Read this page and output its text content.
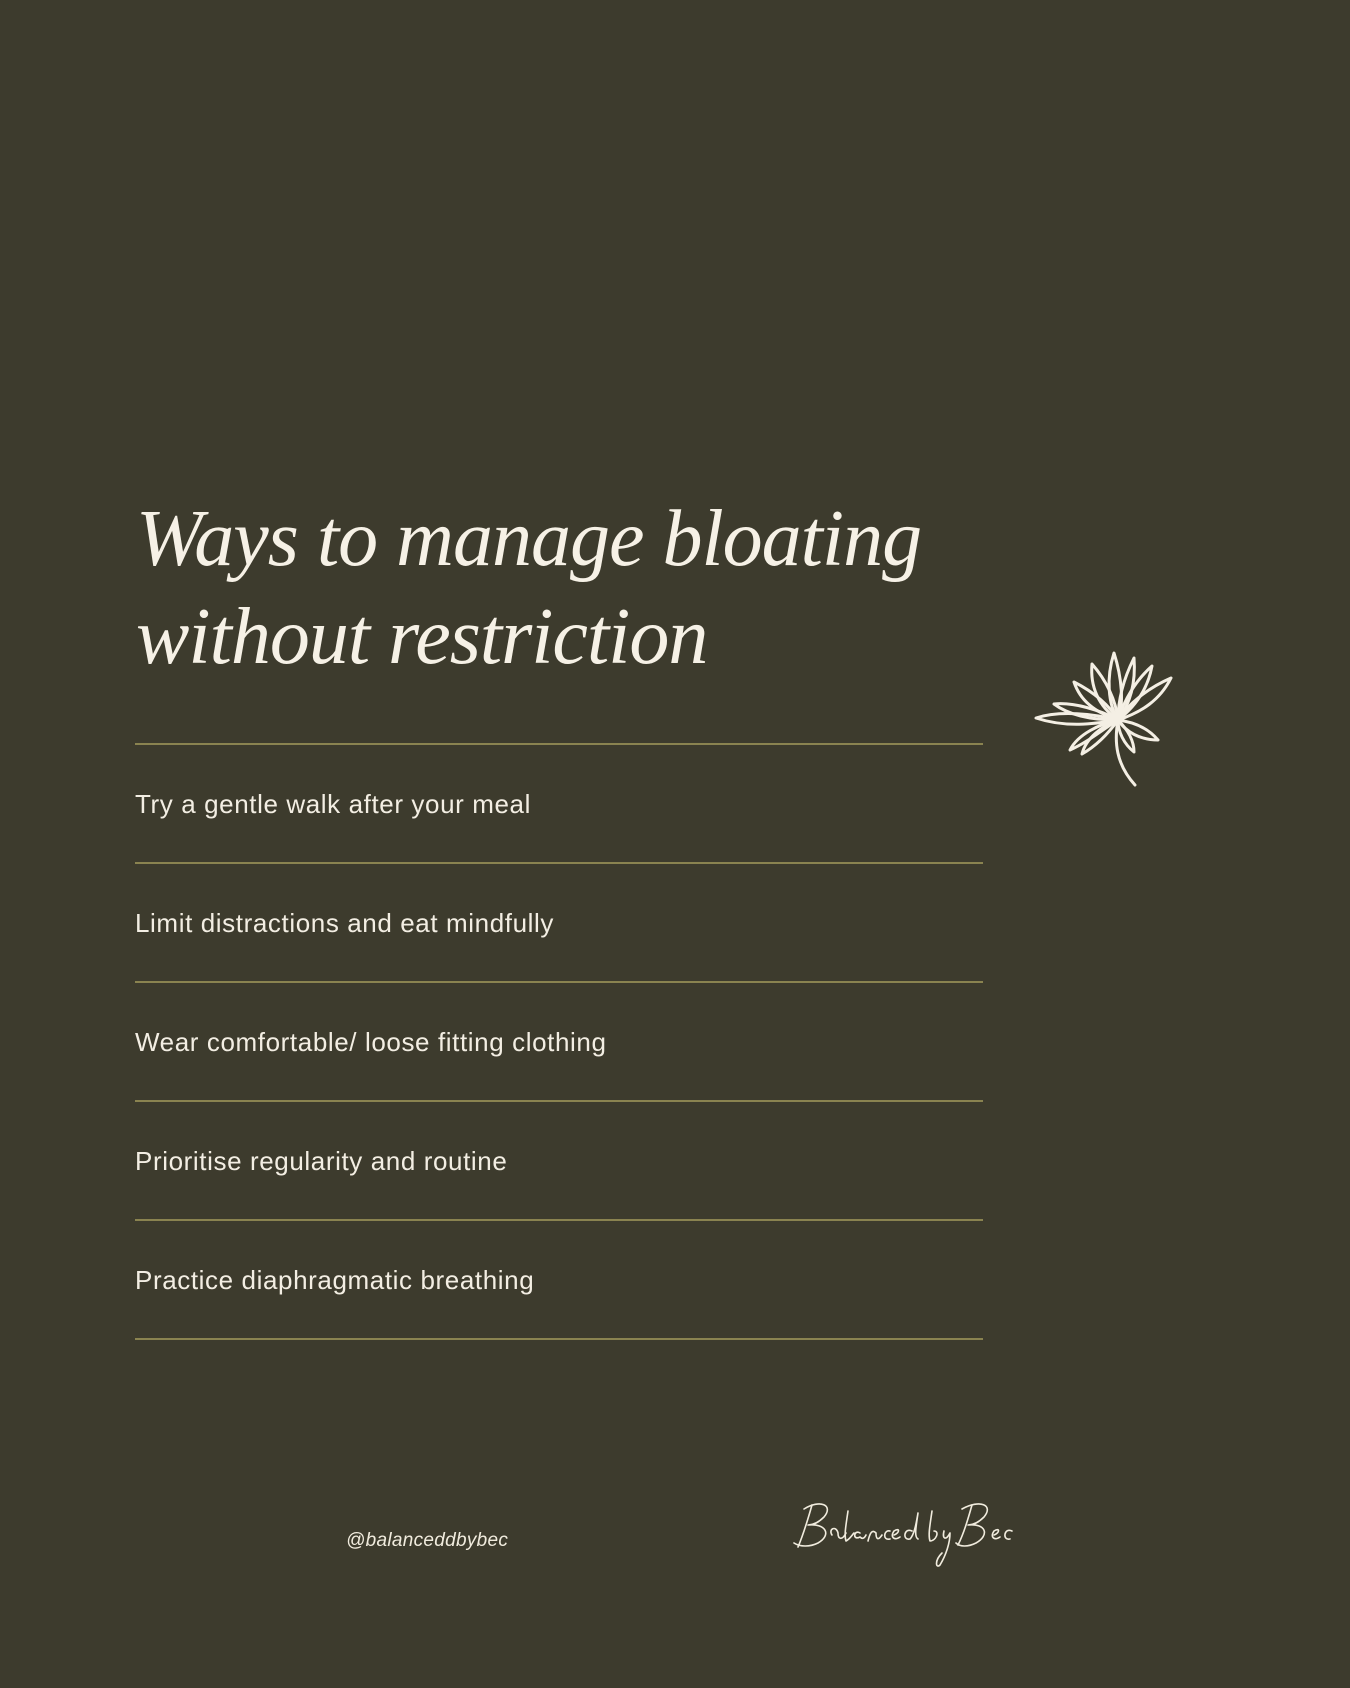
Ways to manage bloating
without restriction
Try a gentle walk after your meal
Limit distractions and eat mindfully
Wear comfortable/ loose fitting clothing
Prioritise regularity and routine
Practice diaphragmatic breathing
@balanceddbybec
